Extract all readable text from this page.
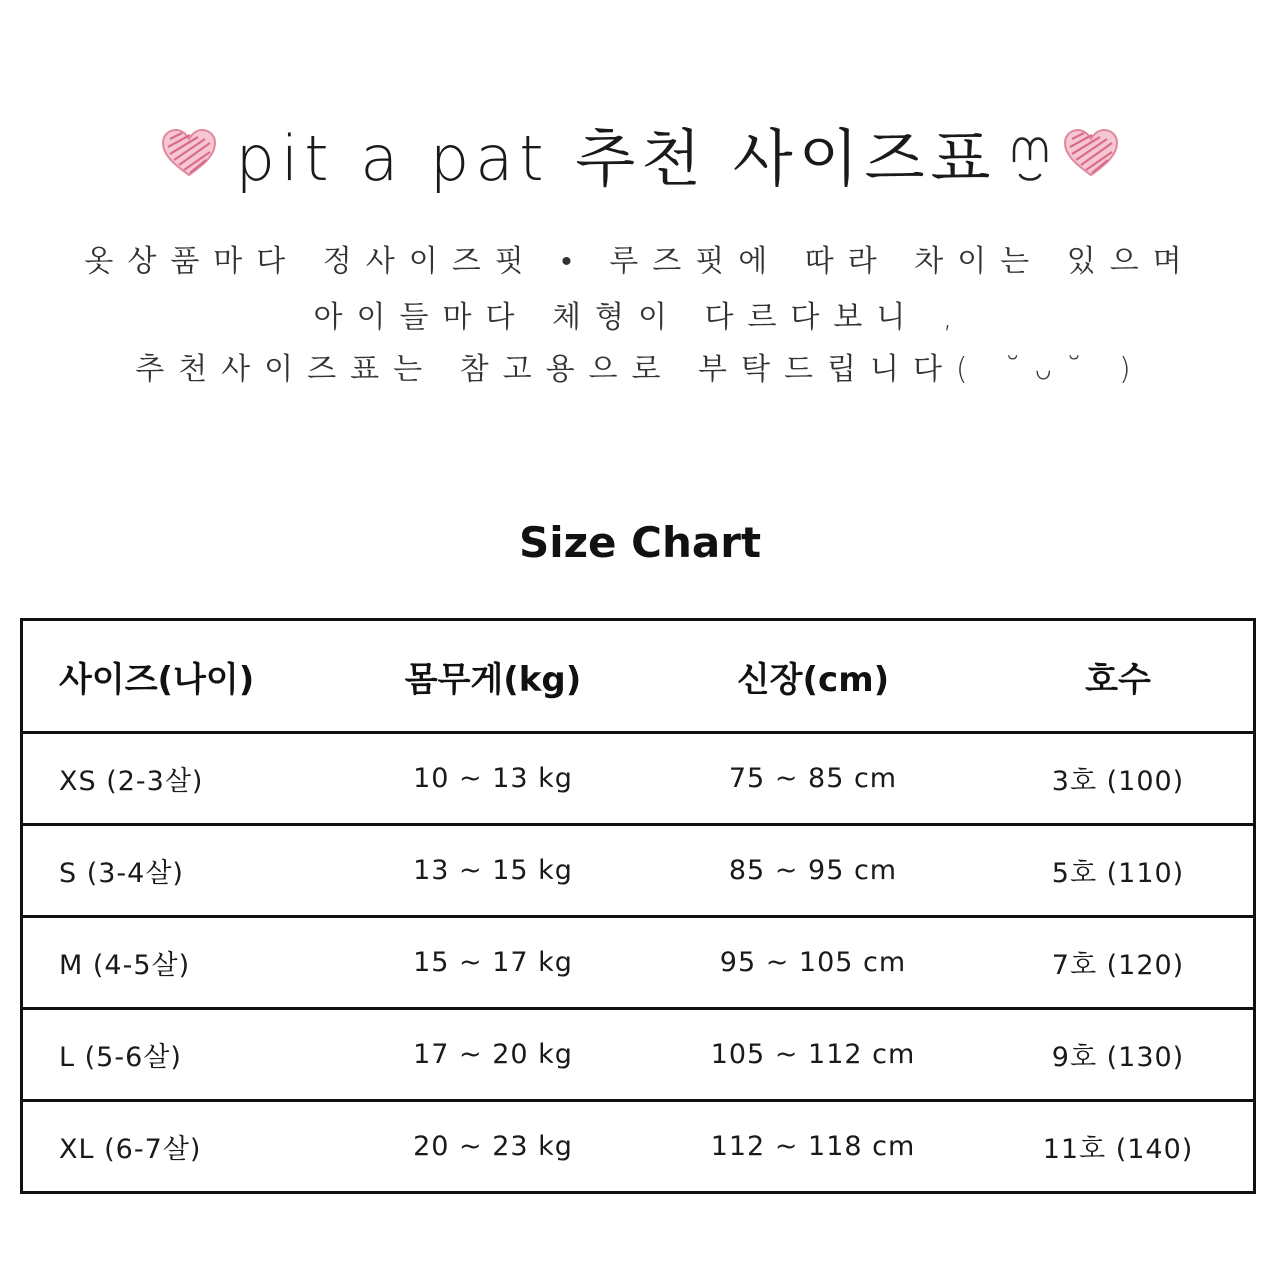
pit a pat 추천 사이즈표
옷상품마다 정사이즈핏 • 루즈핏에 따라 차이는 있으며
아이들마다 체형이 다르다보니 ,
추천사이즈표는 참고용으로 부탁드립니다( ˘ᴗ˘ )
Size Chart
사이즈(나이)	몸무게(kg)	신장(cm)	호수
XS (2-3살)	10 ~ 13 kg	75 ~ 85 cm	3호 (100)
S (3-4살)	13 ~ 15 kg	85 ~ 95 cm	5호 (110)
M (4-5살)	15 ~ 17 kg	95 ~ 105 cm	7호 (120)
L (5-6살)	17 ~ 20 kg	105 ~ 112 cm	9호 (130)
XL (6-7살)	20 ~ 23 kg	112 ~ 118 cm	11호 (140)
